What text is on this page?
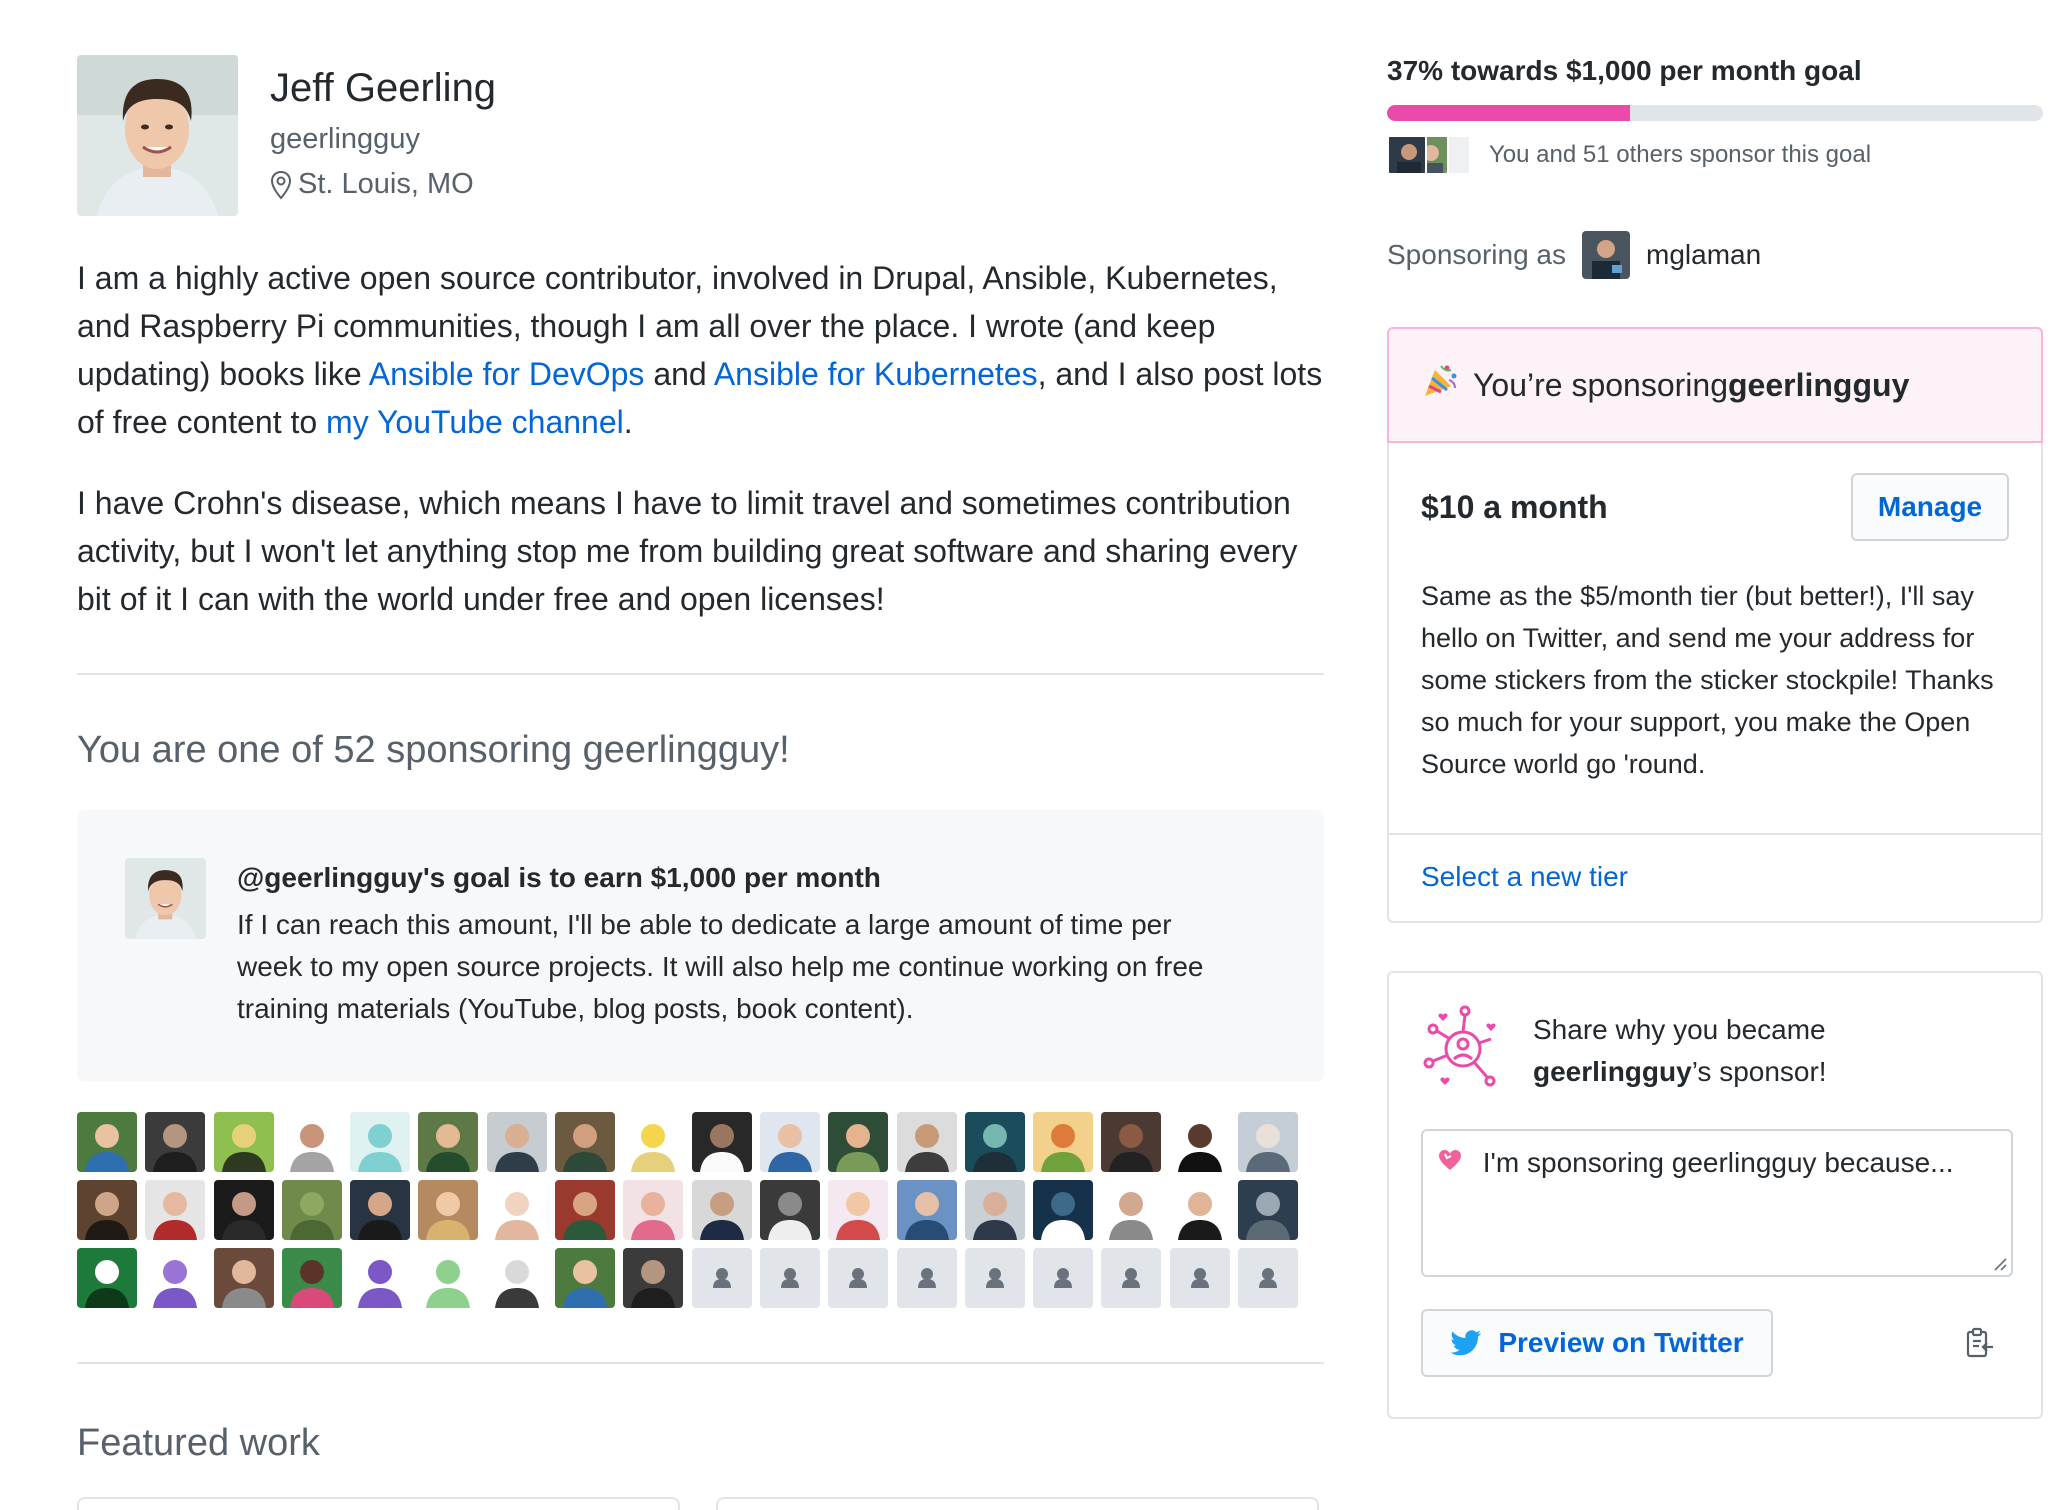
Jeff Geerling
geerlingguy
St. Louis, MO

I am a highly active open source contributor, involved in Drupal, Ansible, Kubernetes, and Raspberry Pi communities, though I am all over the place. I wrote (and keep updating) books like Ansible for DevOps and Ansible for Kubernetes, and I also post lots of free content to my YouTube channel.

I have Crohn's disease, which means I have to limit travel and sometimes contribution activity, but I won't let anything stop me from building great software and sharing every bit of it I can with the world under free and open licenses!

You are one of 52 sponsoring geerlingguy!
@geerlingguy's goal is to earn $1,000 per month
If I can reach this amount, I'll be able to dedicate a large amount of time per week to my open source projects. It will also help me continue working on free training materials (YouTube, blog posts, book content).
Featured work
37% towards $1,000 per month goal
You and 51 others sponsor this goal
Sponsoring as	mglaman
You’re sponsoring geerlingguy
$10 a month	Manage
Same as the $5/month tier (but better!), I'll say hello on Twitter, and send me your address for some stickers from the sticker stockpile! Thanks so much for your support, you make the Open Source world go 'round.
Select a new tier
Share why you became
geerlingguy’s sponsor!
I'm sponsoring geerlingguy because...
Preview on Twitter
